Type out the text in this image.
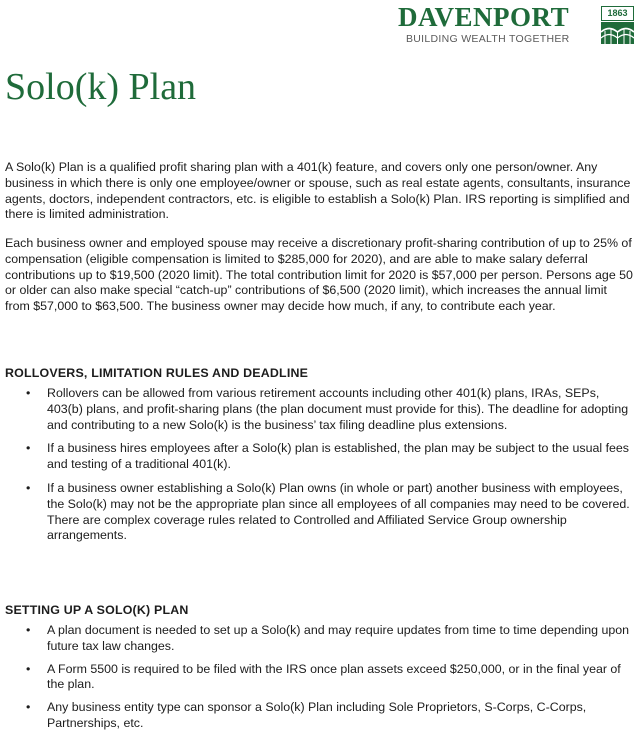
DAVENPORT
BUILDING WEALTH TOGETHER
1863
Solo(k) Plan

A Solo(k) Plan is a qualified profit sharing plan with a 401(k) feature, and covers only one person/owner. Any business in which there is only one employee/owner or spouse, such as real estate agents, consultants, insurance agents, doctors, independent contractors, etc. is eligible to establish a Solo(k) Plan. IRS reporting is simplified and there is limited administration.

Each business owner and employed spouse may receive a discretionary profit-sharing contribution of up to 25% of compensation (eligible compensation is limited to $285,000 for 2020), and are able to make salary deferral contributions up to $19,500 (2020 limit). The total contribution limit for 2020 is $57,000 per person. Persons age 50 or older can also make special “catch-up” contributions of $6,500 (2020 limit), which increases the annual limit from $57,000 to $63,500. The business owner may decide how much, if any, to contribute each year.

ROLLOVERS, LIMITATION RULES AND DEADLINE
• Rollovers can be allowed from various retirement accounts including other 401(k) plans, IRAs, SEPs, 403(b) plans, and profit-sharing plans (the plan document must provide for this). The deadline for adopting and contributing to a new Solo(k) is the business’ tax filing deadline plus extensions.
• If a business hires employees after a Solo(k) plan is established, the plan may be subject to the usual fees and testing of a traditional 401(k).
• If a business owner establishing a Solo(k) Plan owns (in whole or part) another business with employees, the Solo(k) may not be the appropriate plan since all employees of all companies may need to be covered. There are complex coverage rules related to Controlled and Affiliated Service Group ownership arrangements.
SETTING UP A SOLO(K) PLAN
• A plan document is needed to set up a Solo(k) and may require updates from time to time depending upon future tax law changes.
• A Form 5500 is required to be filed with the IRS once plan assets exceed $250,000, or in the final year of the plan.
• Any business entity type can sponsor a Solo(k) Plan including Sole Proprietors, S-Corps, C-Corps, Partnerships, etc.
